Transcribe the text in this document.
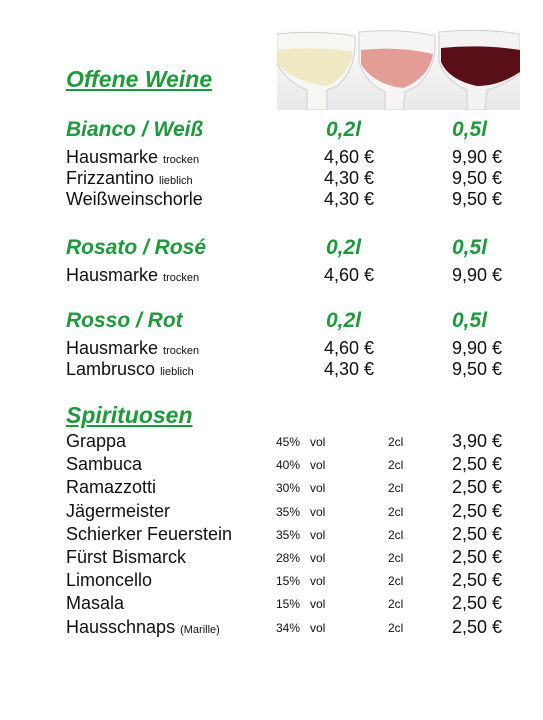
Bianco / Weiß	0,2l	0,5l
Hausmarke trocken	4,60 €	9,90 €
Frizzantino lieblich	4,30 €	9,50 €
Weißweinschorle	4,30 €	9,50 €
Rosato / Rosé	0,2l	0,5l
Hausmarke trocken	4,60 €	9,90 €
Rosso / Rot	0,2l	0,5l
Hausmarke trocken	4,60 €	9,90 €
Lambrusco lieblich	4,30 €	9,50 €
Spirituosen
Grappa	45% vol	2cl	3,90 €
Sambuca	40% vol	2cl	2,50 €
Ramazzotti	30% vol	2cl	2,50 €
Jägermeister	35% vol	2cl	2,50 €
Schierker Feuerstein	35% vol	2cl	2,50 €
Fürst Bismarck	28% vol	2cl	2,50 €
Limoncello	15% vol	2cl	2,50 €
Masala	15% vol	2cl	2,50 €
Hausschnaps (Marille)	34% vol	2cl	2,50 €
Offene Weine
